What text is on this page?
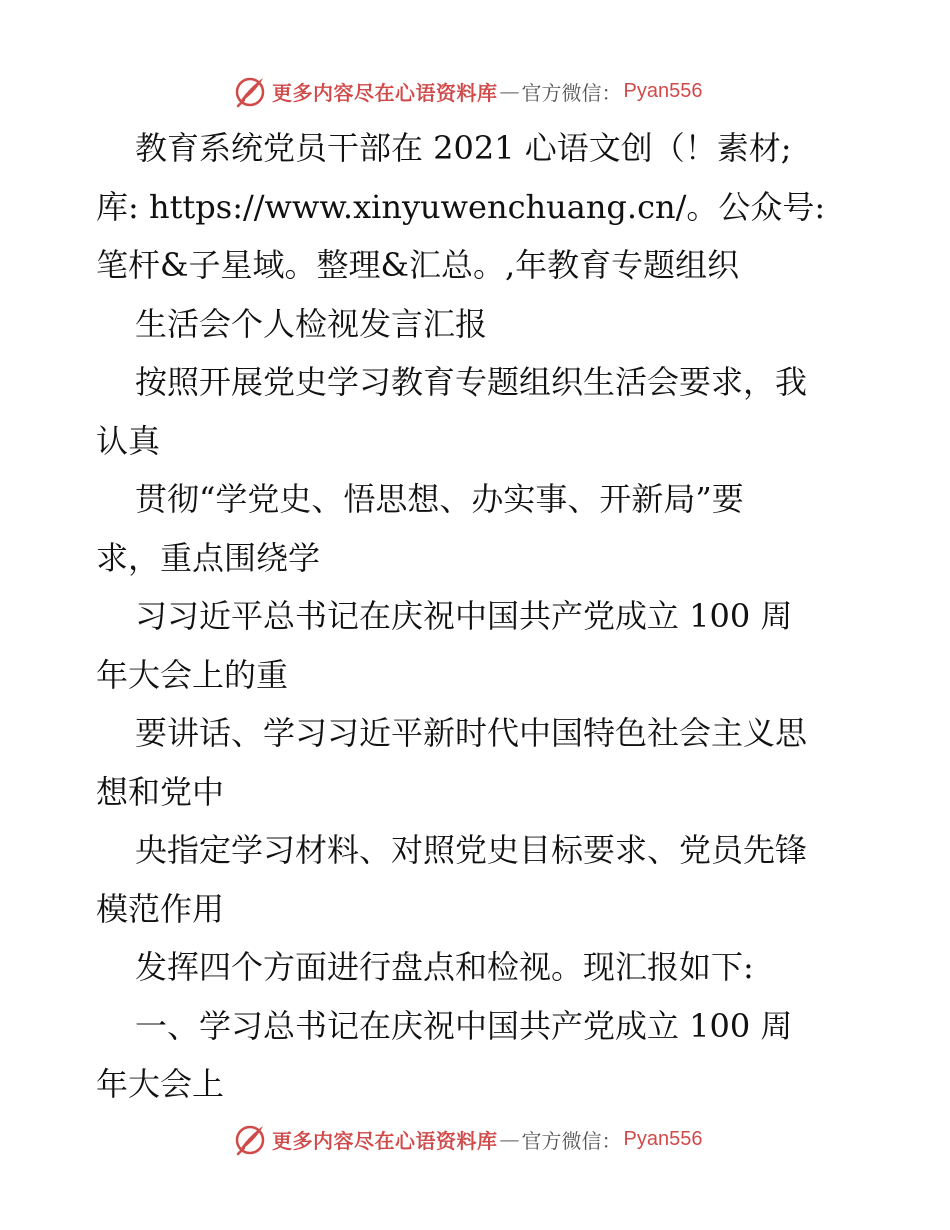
更多内容尽在心语资料库 — 官方微信： Pyan556
教育系统党员干部在 2021 心语文创（！素材;
库: https://www.xinyuwenchuang.cn/。公众号:
笔杆&子星域。整理&汇总。,年教育专题组织
生活会个人检视发言汇报
按照开展党史学习教育专题组织生活会要求，我
认真
贯彻“学党史、悟思想、办实事、开新局”要
求，重点围绕学
习习近平总书记在庆祝中国共产党成立 100 周
年大会上的重
要讲话、学习习近平新时代中国特色社会主义思
想和党中
央指定学习材料、对照党史目标要求、党员先锋
模范作用
发挥四个方面进行盘点和检视。现汇报如下:
一、学习总书记在庆祝中国共产党成立 100 周
年大会上
更多内容尽在心语资料库 — 官方微信： Pyan556
